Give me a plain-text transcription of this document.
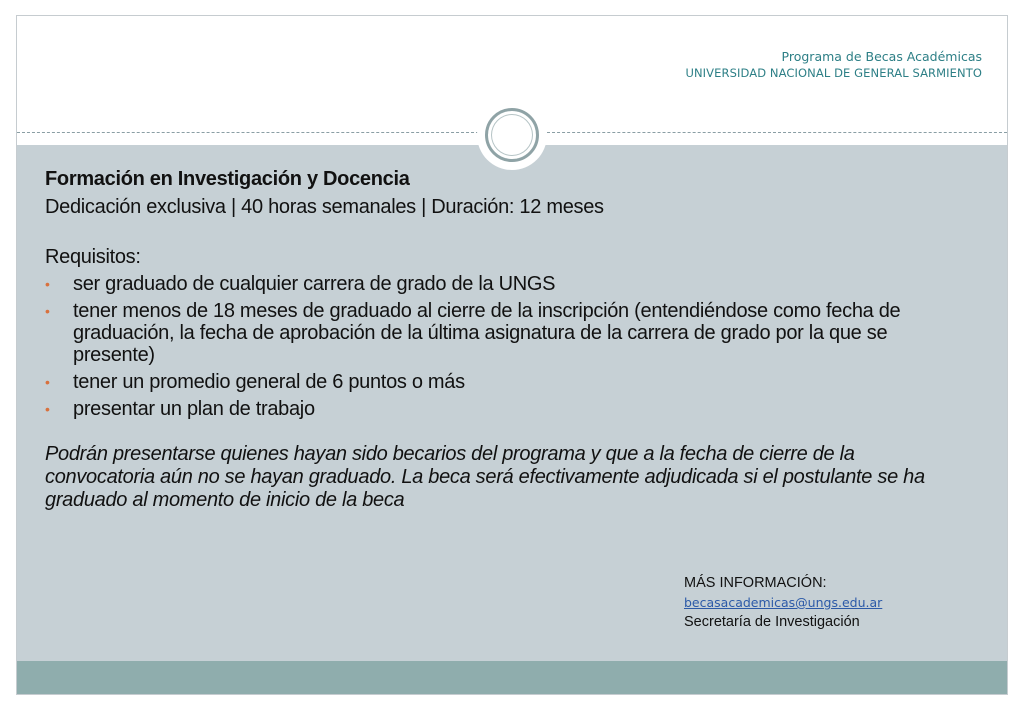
Programa de Becas Académicas
UNIVERSIDAD NACIONAL DE GENERAL SARMIENTO

Formación en Investigación y Docencia

Dedicación exclusiva | 40 horas semanales | Duración: 12 meses

Requisitos:

• ser graduado de cualquier carrera de grado de la UNGS
• tener menos de 18 meses de graduado al cierre de la inscripción (entendiéndose como fecha de graduación, la fecha de aprobación de la última asignatura de la carrera de grado por la que se presente)
• tener un promedio general de 6 puntos o más
• presentar un plan de trabajo

Podrán presentarse quienes hayan sido becarios del programa y que a la fecha de cierre de la convocatoria aún no se hayan graduado. La beca será efectivamente adjudicada si el postulante se ha graduado al momento de inicio de la beca

MÁS INFORMACIÓN:
becasacademicas@ungs.edu.ar
Secretaría de Investigación
